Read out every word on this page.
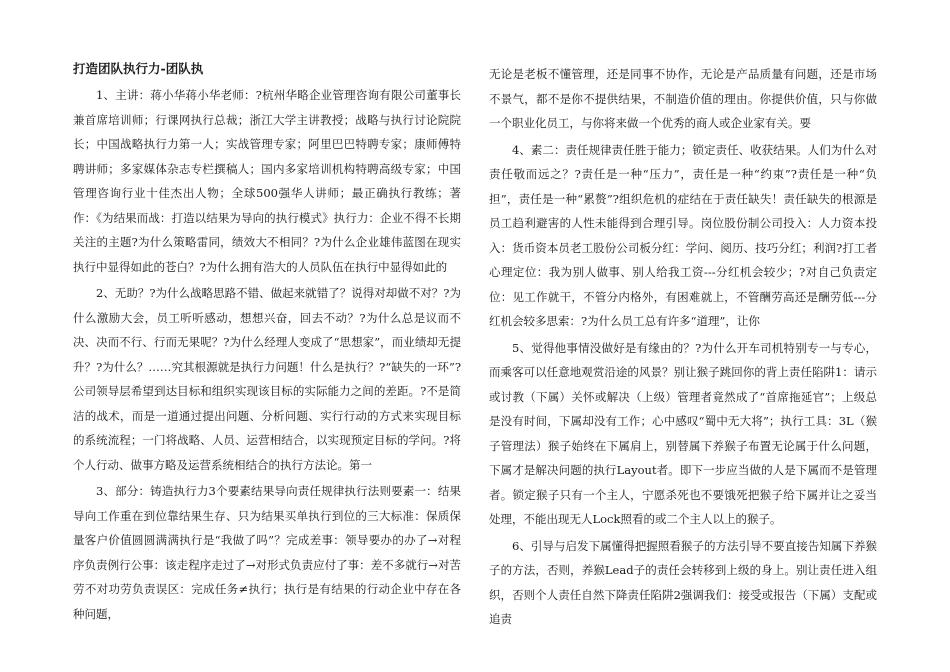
打造团队执行力-团队执

1、主讲：蒋小华蒋小华老师：?杭州华略企业管理咨询有限公司董事长兼首席培训师；行课网执行总裁；浙江大学主讲教授；战略与执行讨论院院长；中国战略执行力第一人；实战管理专家；阿里巴巴特聘专家；康师傅特聘讲师；多家媒体杂志专栏撰稿人；国内多家培训机构特聘高级专家；中国管理咨询行业十佳杰出人物；全球500强华人讲师；最正确执行教练；著作：《为结果而战：打造以结果为导向的执行模式》执行力：企业不得不长期关注的主题?为什么策略雷同，绩效大不相同？?为什么企业雄伟蓝图在现实执行中显得如此的苍白？?为什么拥有浩大的人员队伍在执行中显得如此的

2、无助？?为什么战略思路不错、做起来就错了？说得对却做不对？?为什么激励大会，员工听听感动，想想兴奋，回去不动？?为什么总是议而不决、决而不行、行而无果呢？?为什么经理人变成了“思想家”，而业绩却无提升？?为什么？……究其根源就是执行力问题！什么是执行？?“缺失的一环”?公司领导层希望到达目标和组织实现该目标的实际能力之间的差距。?不是简洁的战术，而是一道通过提出问题、分析问题、实行行动的方式来实现目标的系统流程；一门将战略、人员、运营相结合，以实现预定目标的学问。?将个人行动、做事方略及运营系统相结合的执行方法论。第一

3、部分：铸造执行力3个要素结果导向责任规律执行法则要素一：结果导向工作重在到位靠结果生存、只为结果买单执行到位的三大标准：保质保量客户价值圆圆满满执行是“我做了吗”？完成差事：领导要办的办了→对程序负责例行公事：该走程序走过了→对形式负责应付了事：差不多就行→对苦劳不对功劳负责误区：完成任务≠执行；执行是有结果的行动企业中存在各种问题，

无论是老板不懂管理，还是同事不协作，无论是产品质量有问题，还是市场不景气，都不是你不提供结果，不制造价值的理由。你提供价值，只与你做一个职业化员工，与你将来做一个优秀的商人或企业家有关。要

4、素二：责任规律责任胜于能力；锁定责任、收获结果。人们为什么对责任敬而远之？?责任是一种“压力”，责任是一种“约束”?责任是一种“负担”，责任是一种“累赘”?组织危机的症结在于责任缺失！责任缺失的根源是员工趋利避害的人性未能得到合理引导。岗位股份制公司投入：人力资本投入：货币资本员老工股份公司板分红：学问、阅历、技巧分红；利润?打工者心理定位：我为别人做事、别人给我工资---分红机会较少；?对自己负责定位：见工作就干，不管分内格外，有困难就上，不管酬劳高还是酬劳低---分红机会较多思索：?为什么员工总有许多“道理”，让你

5、觉得他事情没做好是有缘由的？?为什么开车司机特别专一与专心，而乘客可以任意地观赏沿途的风景？别让猴子跳回你的背上责任陷阱1：请示或讨教（下属）关怀或解决（上级）管理者竟然成了“首席拖延官”；上级总是没有时间，下属却没有工作；心中感叹“蜀中无大将”；执行工具：3L（猴子管理法）猴子始终在下属肩上，别替属下养猴子布置无论属于什么问题，下属才是解决问题的执行Layout者。即下一步应当做的人是下属而不是管理者。锁定猴子只有一个主人，宁愿杀死也不要饿死把猴子给下属并让之妥当处理，不能出现无人Lock照看的或二个主人以上的猴子。

6、引导与启发下属懂得把握照看猴子的方法引导不要直接告知属下养猴子的方法，否则，养猴Lead子的责任会转移到上级的身上。别让责任进入组织，否则个人责任自然下降责任陷阱2强调我们：接受或报告（下属）支配或追责
